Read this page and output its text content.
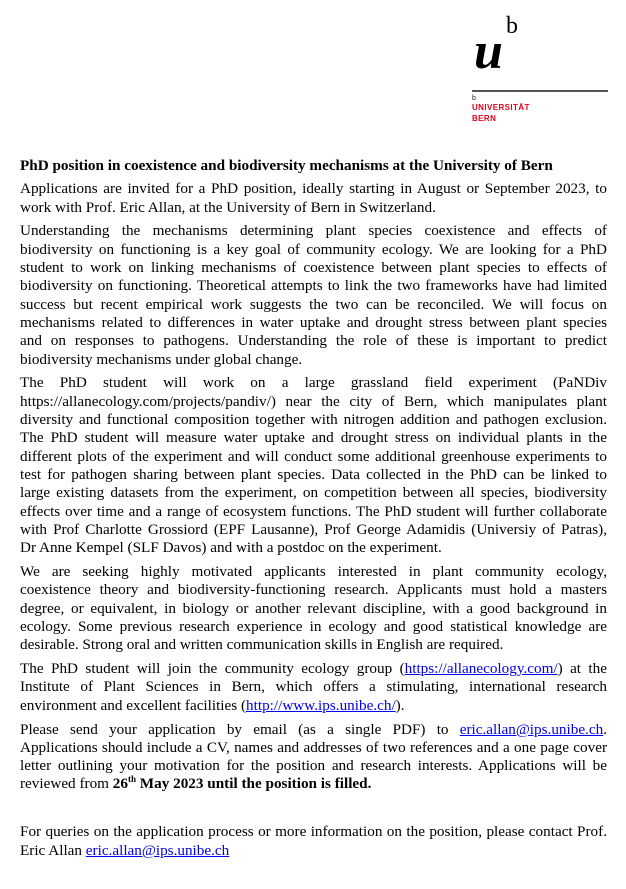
u b
b
UNIVERSITÄT
BERN
PhD position in coexistence and biodiversity mechanisms at the University of Bern
Applications are invited for a PhD position, ideally starting in August or September 2023, to
work with Prof. Eric Allan, at the University of Bern in Switzerland.
Understanding the mechanisms determining plant species coexistence and effects of
biodiversity on functioning is a key goal of community ecology. We are looking for a PhD
student to work on linking mechanisms of coexistence between plant species to effects of
biodiversity on functioning. Theoretical attempts to link the two frameworks have had limited
success but recent empirical work suggests the two can be reconciled. We will focus on
mechanisms related to differences in water uptake and drought stress between plant species
and on responses to pathogens. Understanding the role of these is important to predict
biodiversity mechanisms under global change.
The PhD student will work on a large grassland field experiment (PaNDiv
https://allanecology.com/projects/pandiv/) near the city of Bern, which manipulates plant
diversity and functional composition together with nitrogen addition and pathogen exclusion.
The PhD student will measure water uptake and drought stress on individual plants in the
different plots of the experiment and will conduct some additional greenhouse experiments to
test for pathogen sharing between plant species. Data collected in the PhD can be linked to
large existing datasets from the experiment, on competition between all species, biodiversity
effects over time and a range of ecosystem functions. The PhD student will further collaborate
with Prof Charlotte Grossiord (EPF Lausanne), Prof George Adamidis (Universiy of Patras),
Dr Anne Kempel (SLF Davos) and with a postdoc on the experiment.
We are seeking highly motivated applicants interested in plant community ecology,
coexistence theory and biodiversity-functioning research. Applicants must hold a masters
degree, or equivalent, in biology or another relevant discipline, with a good background in
ecology. Some previous research experience in ecology and good statistical knowledge are
desirable. Strong oral and written communication skills in English are required.
The PhD student will join the community ecology group (https://allanecology.com/) at the
Institute of Plant Sciences in Bern, which offers a stimulating, international research
environment and excellent facilities (http://www.ips.unibe.ch/).
Please send your application by email (as a single PDF) to eric.allan@ips.unibe.ch.
Applications should include a CV, names and addresses of two references and a one page cover
letter outlining your motivation for the position and research interests. Applications will be
reviewed from 26th May 2023 until the position is filled.
For queries on the application process or more information on the position, please contact Prof.
Eric Allan eric.allan@ips.unibe.ch
